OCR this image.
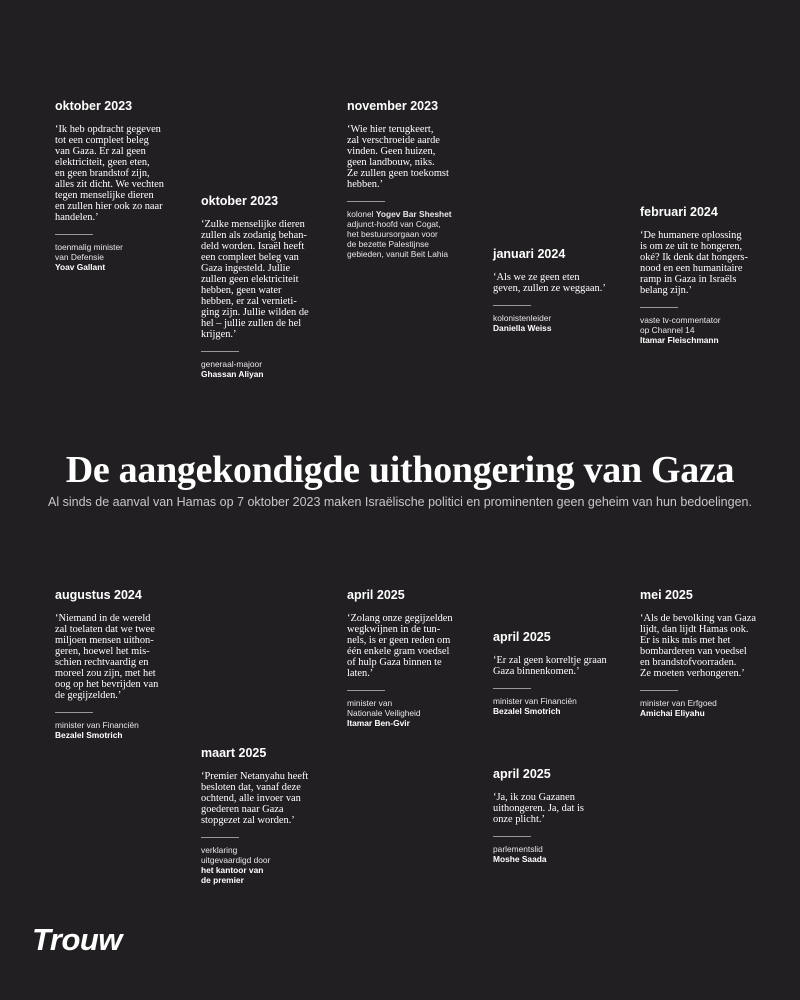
oktober 2023

‘Ik heb opdracht gegeven
tot een compleet beleg
van Gaza. Er zal geen
elektriciteit, geen eten,
en geen brandstof zijn,
alles zit dicht. We vechten
tegen menselijke dieren
en zullen hier ook zo naar
handelen.’

toenmalig minister
van Defensie

Yoav Gallant

oktober 2023

‘Zulke menselijke dieren
zullen als zodanig behan-
deld worden. Israël heeft
een compleet beleg van
Gaza ingesteld. Jullie
zullen geen elektriciteit
hebben, geen water
hebben, er zal vernieti-
ging zijn. Jullie wilden de
hel – jullie zullen de hel
krijgen.’

generaal-majoor

Ghassan Aliyan

november 2023

‘Wie hier terugkeert,
zal verschroeide aarde
vinden. Geen huizen,
geen landbouw, niks.
Ze zullen geen toekomst
hebben.’

kolonel Yogev Bar Sheshet

adjunct-hoofd van Cogat,
het bestuursorgaan voor
de bezette Palestijnse
gebieden, vanuit Beit Lahia	januari 2024

‘Als we ze geen eten
geven, zullen ze weggaan.’

kolonistenleider

Daniella Weiss

februari 2024

‘De humanere oplossing
is om ze uit te hongeren,
oké? Ik denk dat hongers-
nood en een humanitaire
ramp in Gaza in Israëls
belang zijn.’

vaste tv-commentator
op Channel 14

Itamar Fleischmann

De aangekondigde uithongering van Gaza

Al sinds de aanval van Hamas op 7 oktober 2023 maken Israëlische politici en prominenten geen geheim van hun bedoelingen.

augustus 2024

‘Niemand in de wereld
zal toelaten dat we twee
miljoen mensen uithon-
geren, hoewel het mis-
schien rechtvaardig en
moreel zou zijn, met het
oog op het bevrijden van
de gegijzelden.’

minister van Financiën

Bezalel Smotrich

maart 2025

‘Premier Netanyahu heeft
besloten dat, vanaf deze
ochtend, alle invoer van
goederen naar Gaza
stopgezet zal worden.’

verklaring
uitgevaardigd door

het kantoor van
de premier

april 2025

‘Zolang onze gegijzelden
wegkwijnen in de tun-
nels, is er geen reden om
één enkele gram voedsel
of hulp Gaza binnen te
laten.’

minister van
Nationale Veiligheid

Itamar Ben-Gvir

april 2025

‘Er zal geen korreltje graan
Gaza binnenkomen.’

minister van Financiën

Bezalel Smotrich

april 2025

‘Ja, ik zou Gazanen
uithongeren. Ja, dat is
onze plicht.’

parlementslid

Moshe Saada

mei 2025

‘Als de bevolking van Gaza
lijdt, dan lijdt Hamas ook.
Er is niks mis met het
bombarderen van voedsel
en brandstofvoorraden.
Ze moeten verhongeren.’

minister van Erfgoed

Amichai Eliyahu

Trouw
